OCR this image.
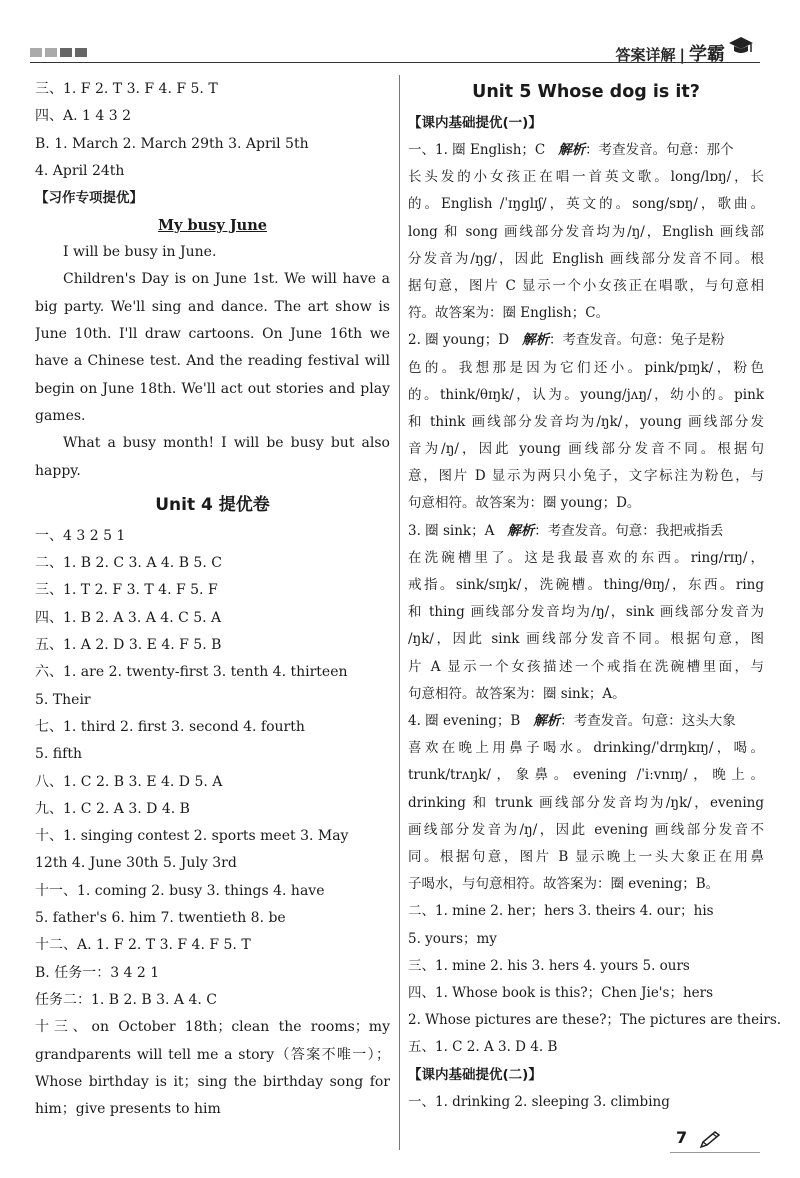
答案详解 | 学霸
三、1. F 2. T 3. F 4. F 5. T
四、A. 1 4 3 2
B. 1. March 2. March 29th 3. April 5th
4. April 24th
【习作专项提优】
My busy June
I will be busy in June.
Children's Day is on June 1st. We will have a
big party. We'll sing and dance. The art show is
June 10th. I'll draw cartoons. On June 16th we
have a Chinese test. And the reading festival will
begin on June 18th. We'll act out stories and play
games.
What a busy month! I will be busy but also
happy.
Unit 4 提优卷
一、4 3 2 5 1
二、1. B 2. C 3. A 4. B 5. C
三、1. T 2. F 3. T 4. F 5. F
四、1. B 2. A 3. A 4. C 5. A
五、1. A 2. D 3. E 4. F 5. B
六、1. are 2. twenty-first 3. tenth 4. thirteen
5. Their
七、1. third 2. first 3. second 4. fourth
5. fifth
八、1. C 2. B 3. E 4. D 5. A
九、1. C 2. A 3. D 4. B
十、1. singing contest 2. sports meet 3. May
12th 4. June 30th 5. July 3rd
十一、1. coming 2. busy 3. things 4. have
5. father's 6. him 7. twentieth 8. be
十二、A. 1. F 2. T 3. F 4. F 5. T
B. 任务一：3 4 2 1
任务二：1. B 2. B 3. A 4. C
十三、on October 18th；clean the rooms；my
grandparents will tell me a story（答案不唯一）；
Whose birthday is it；sing the birthday song for
him；give presents to him
Unit 5 Whose dog is it?
【课内基础提优(一)】
一、1. 圈 English；C 解析：考查发音。句意：那个
长头发的小女孩正在唱一首英文歌。long/lɒŋ/，长
的。English /ˈɪŋglɪʃ/，英文的。song/sɒŋ/，歌曲。
long 和 song 画线部分发音均为/ŋ/，English 画线部
分发音为/ŋg/，因此 English 画线部分发音不同。根
据句意，图片 C 显示一个小女孩正在唱歌，与句意相
符。故答案为：圈 English；C。
2. 圈 young；D 解析：考查发音。句意：兔子是粉
色的。我想那是因为它们还小。pink/pɪŋk/，粉色
的。think/θɪŋk/，认为。young/jʌŋ/，幼小的。pink
和 think 画线部分发音均为/ŋk/，young 画线部分发
音为/ŋ/，因此 young 画线部分发音不同。根据句
意，图片 D 显示为两只小兔子，文字标注为粉色，与
句意相符。故答案为：圈 young；D。
3. 圈 sink；A 解析：考查发音。句意：我把戒指丢
在洗碗槽里了。这是我最喜欢的东西。ring/rɪŋ/，
戒指。sink/sɪŋk/，洗碗槽。thing/θɪŋ/，东西。ring
和 thing 画线部分发音均为/ŋ/，sink 画线部分发音为
/ŋk/，因此 sink 画线部分发音不同。根据句意，图
片 A 显示一个女孩描述一个戒指在洗碗槽里面，与
句意相符。故答案为：圈 sink；A。
4. 圈 evening；B 解析：考查发音。句意：这头大象
喜欢在晚上用鼻子喝水。drinking/ˈdrɪŋkɪŋ/，喝。
trunk/trʌŋk/，象鼻。evening /ˈiːvnɪŋ/，晚上。
drinking 和 trunk 画线部分发音均为/ŋk/，evening
画线部分发音为/ŋ/，因此 evening 画线部分发音不
同。根据句意，图片 B 显示晚上一头大象正在用鼻
子喝水，与句意相符。故答案为：圈 evening；B。
二、1. mine 2. her；hers 3. theirs 4. our；his
5. yours；my
三、1. mine 2. his 3. hers 4. yours 5. ours
四、1. Whose book is this?；Chen Jie's；hers
2. Whose pictures are these?；The pictures are theirs.
五、1. C 2. A 3. D 4. B
【课内基础提优(二)】
一、1. drinking 2. sleeping 3. climbing
7
